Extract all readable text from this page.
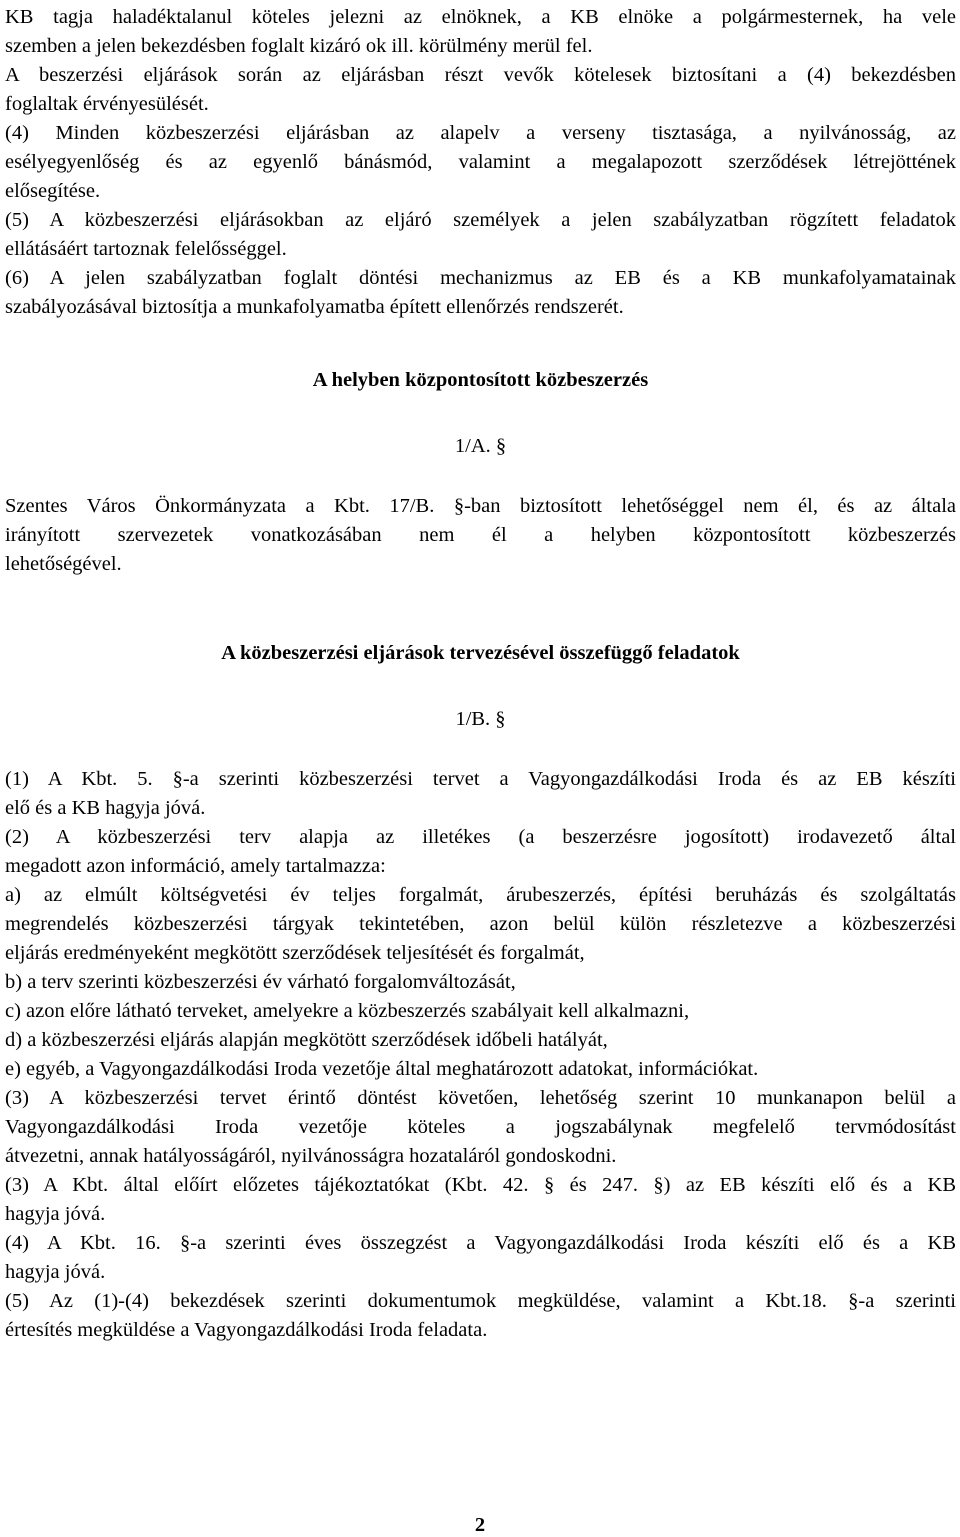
KB tagja haladéktalanul köteles jelezni az elnöknek, a KB elnöke a polgármesternek, ha vele
szemben a jelen bekezdésben foglalt kizáró ok ill. körülmény merül fel.
A beszerzési eljárások során az eljárásban részt vevők kötelesek biztosítani a (4) bekezdésben
foglaltak érvényesülését.
(4) Minden közbeszerzési eljárásban az alapelv a verseny tisztasága, a nyilvánosság, az
esélyegyenlőség és az egyenlő bánásmód, valamint a megalapozott szerződések létrejöttének
elősegítése.
(5) A közbeszerzési eljárásokban az eljáró személyek a jelen szabályzatban rögzített feladatok
ellátásáért tartoznak felelősséggel.
(6) A jelen szabályzatban foglalt döntési mechanizmus az EB és a KB munkafolyamatainak
szabályozásával biztosítja a munkafolyamatba épített ellenőrzés rendszerét.
A helyben központosított közbeszerzés
1/A. §
Szentes Város Önkormányzata a Kbt. 17/B. §-ban biztosított lehetőséggel nem él, és az általa
irányított szervezetek vonatkozásában nem él a helyben központosított közbeszerzés
lehetőségével.
A közbeszerzési eljárások tervezésével összefüggő feladatok
1/B. §
(1) A Kbt. 5. §-a szerinti közbeszerzési tervet a Vagyongazdálkodási Iroda és az EB készíti
elő és a KB hagyja jóvá.
(2) A közbeszerzési terv alapja az illetékes (a beszerzésre jogosított) irodavezető által
megadott azon információ, amely tartalmazza:
a) az elmúlt költségvetési év teljes forgalmát, árubeszerzés, építési beruházás és szolgáltatás
megrendelés közbeszerzési tárgyak tekintetében, azon belül külön részletezve a közbeszerzési
eljárás eredményeként megkötött szerződések teljesítését és forgalmát,
b) a terv szerinti közbeszerzési év várható forgalomváltozását,
c) azon előre látható terveket, amelyekre a közbeszerzés szabályait kell alkalmazni,
d) a közbeszerzési eljárás alapján megkötött szerződések időbeli hatályát,
e) egyéb, a Vagyongazdálkodási Iroda vezetője által meghatározott adatokat, információkat.
(3) A közbeszerzési tervet érintő döntést követően, lehetőség szerint 10 munkanapon belül a
Vagyongazdálkodási Iroda vezetője köteles a jogszabálynak megfelelő tervmódosítást
átvezetni, annak hatályosságáról, nyilvánosságra hozataláról gondoskodni.
(3) A Kbt. által előírt előzetes tájékoztatókat (Kbt. 42. § és 247. §) az EB készíti elő és a KB
hagyja jóvá.
(4) A Kbt. 16. §-a szerinti éves összegzést a Vagyongazdálkodási Iroda készíti elő és a KB
hagyja jóvá.
(5) Az (1)-(4) bekezdések szerinti dokumentumok megküldése, valamint a Kbt.18. §-a szerinti
értesítés megküldése a Vagyongazdálkodási Iroda feladata.
2
